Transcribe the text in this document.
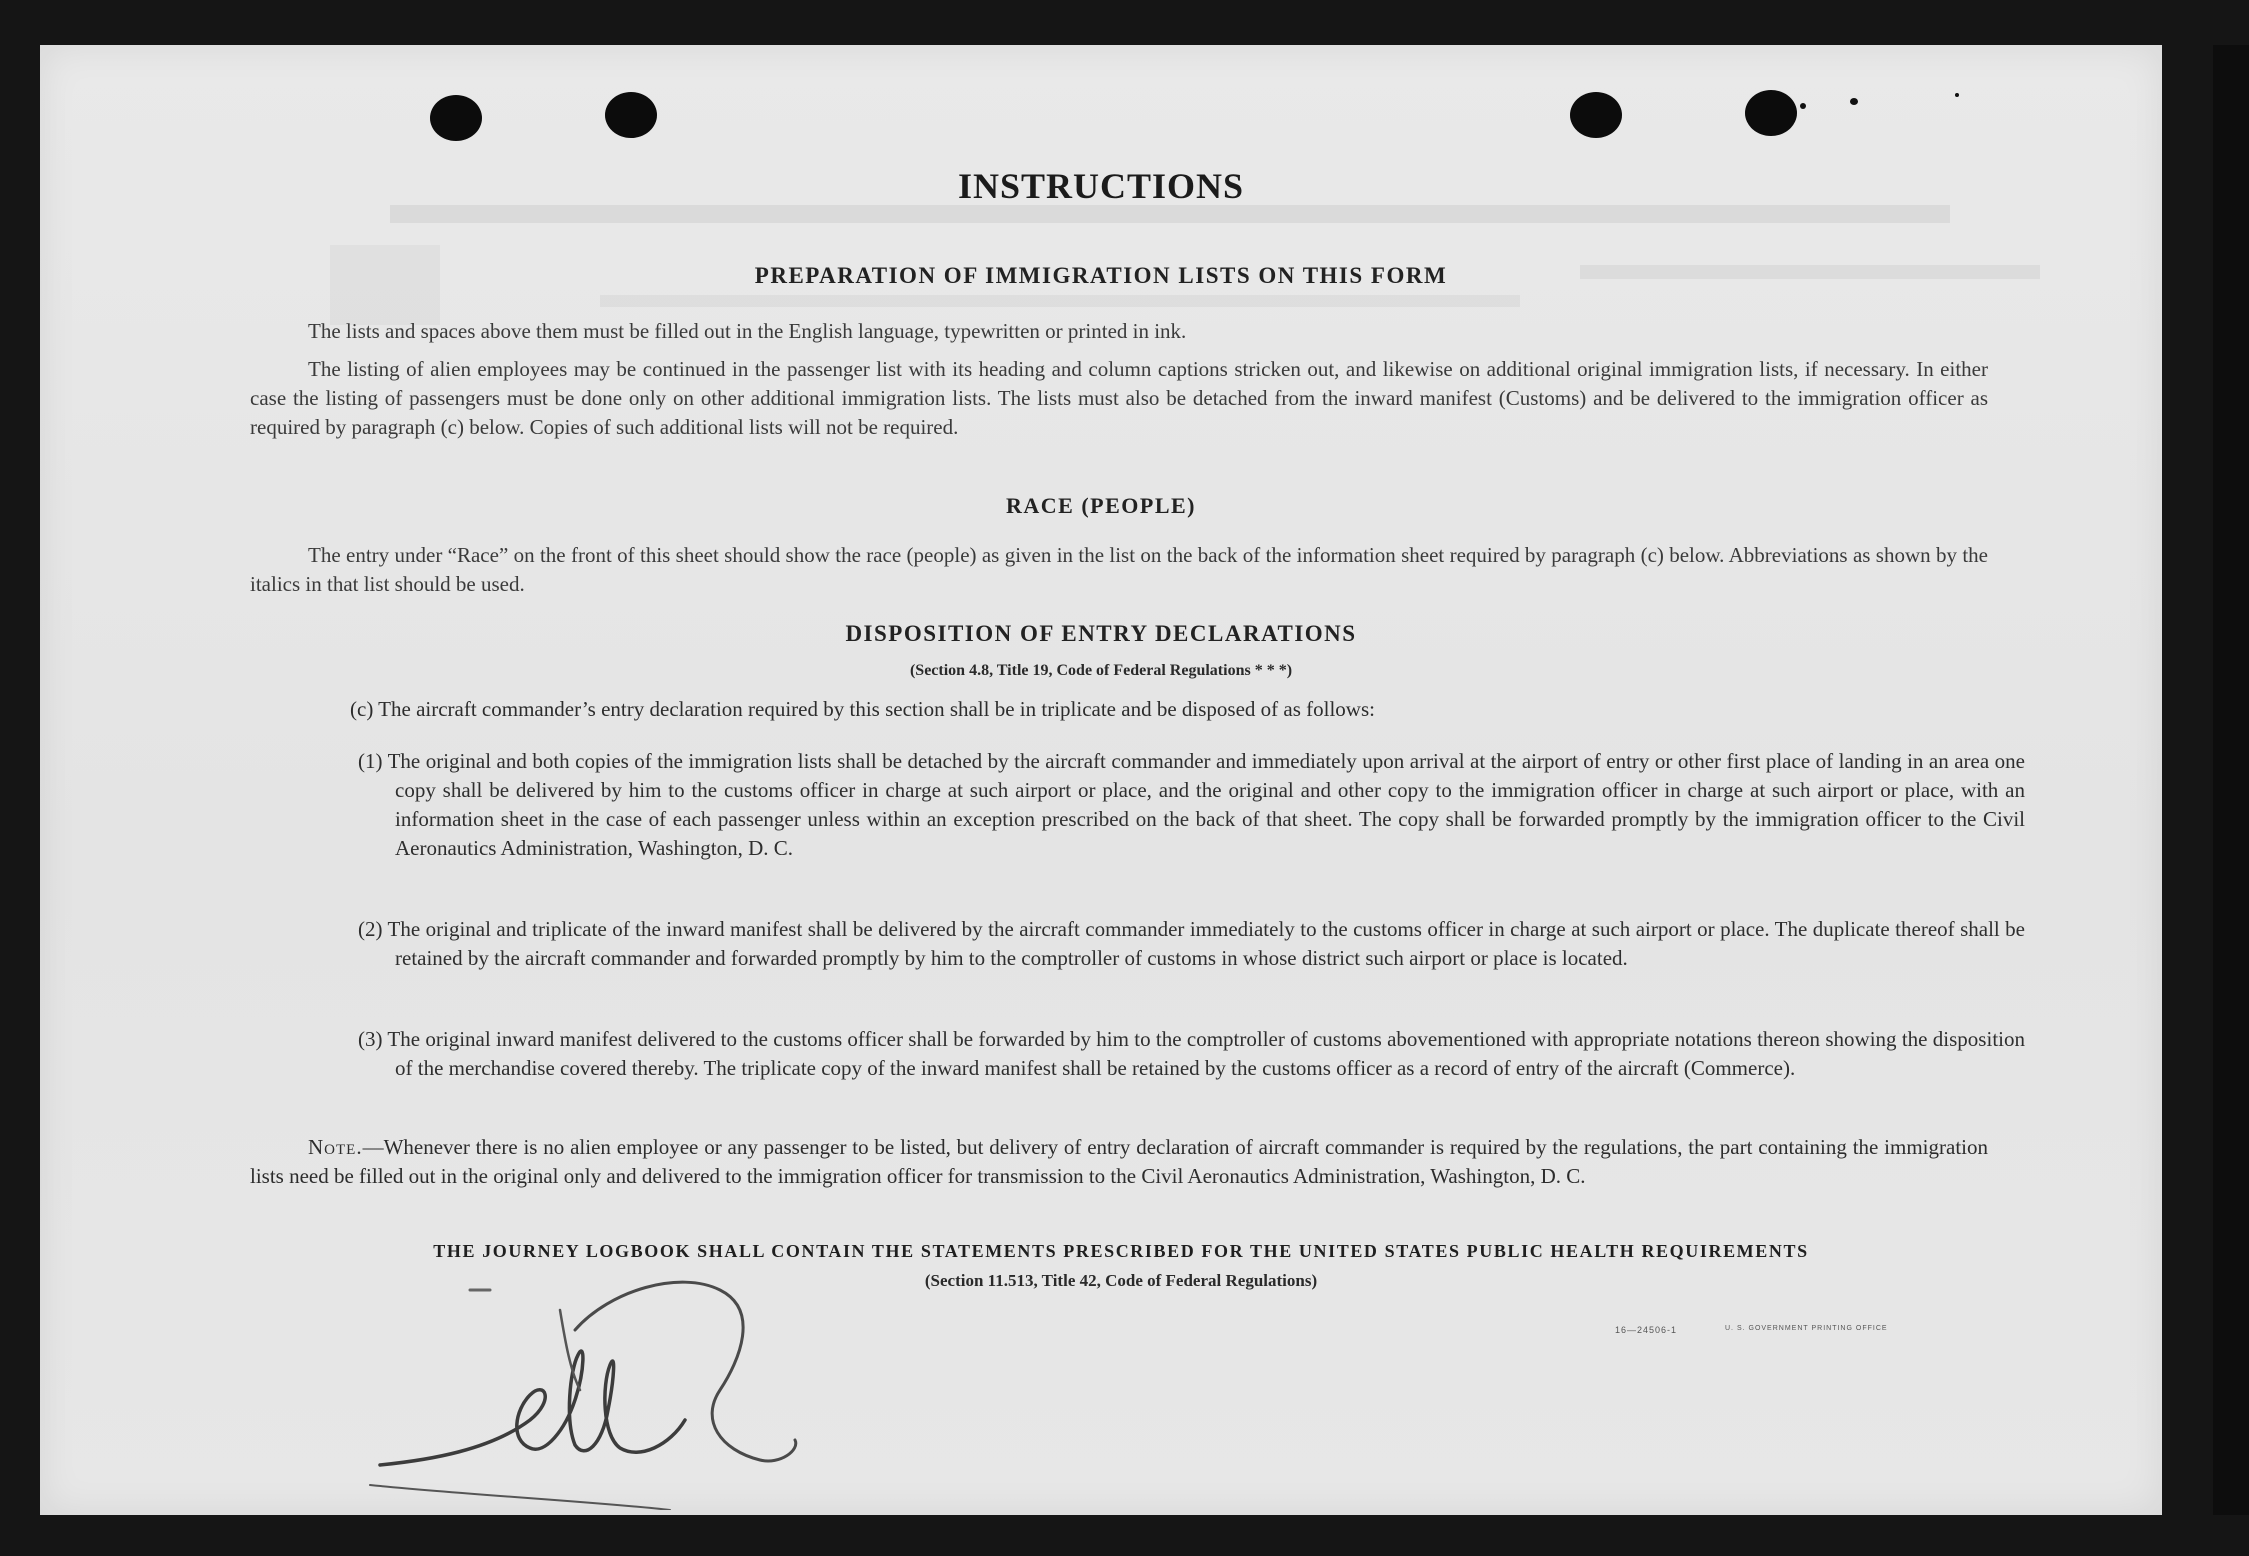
INSTRUCTIONS
PREPARATION OF IMMIGRATION LISTS ON THIS FORM
The lists and spaces above them must be filled out in the English language, typewritten or printed in ink.
The listing of alien employees may be continued in the passenger list with its heading and column captions stricken out, and likewise on additional original immigration lists, if necessary. In either case the listing of passengers must be done only on other additional immigration lists. The lists must also be detached from the inward manifest (Customs) and be delivered to the immigration officer as required by paragraph (c) below. Copies of such additional lists will not be required.
RACE (PEOPLE)
The entry under “Race” on the front of this sheet should show the race (people) as given in the list on the back of the information sheet required by paragraph (c) below. Abbreviations as shown by the italics in that list should be used.
DISPOSITION OF ENTRY DECLARATIONS
(Section 4.8, Title 19, Code of Federal Regulations * * *)
(c) The aircraft commander’s entry declaration required by this section shall be in triplicate and be disposed of as follows:
(1) The original and both copies of the immigration lists shall be detached by the aircraft commander and immediately upon arrival at the airport of entry or other first place of landing in an area one copy shall be delivered by him to the customs officer in charge at such airport or place, and the original and other copy to the immigration officer in charge at such airport or place, with an information sheet in the case of each passenger unless within an exception prescribed on the back of that sheet. The copy shall be forwarded promptly by the immigration officer to the Civil Aeronautics Administration, Washington, D. C.
(2) The original and triplicate of the inward manifest shall be delivered by the aircraft commander immediately to the customs officer in charge at such airport or place. The duplicate thereof shall be retained by the aircraft commander and forwarded promptly by him to the comptroller of customs in whose district such airport or place is located.
(3) The original inward manifest delivered to the customs officer shall be forwarded by him to the comptroller of customs abovementioned with appropriate notations thereon showing the disposition of the merchandise covered thereby. The triplicate copy of the inward manifest shall be retained by the customs officer as a record of entry of the aircraft (Commerce).
Note.—Whenever there is no alien employee or any passenger to be listed, but delivery of entry declaration of aircraft commander is required by the regulations, the part containing the immigration lists need be filled out in the original only and delivered to the immigration officer for transmission to the Civil Aeronautics Administration, Washington, D. C.
THE JOURNEY LOGBOOK SHALL CONTAIN THE STATEMENTS PRESCRIBED FOR THE UNITED STATES PUBLIC HEALTH REQUIREMENTS
(Section 11.513, Title 42, Code of Federal Regulations)
16—24506-1	U. S. GOVERNMENT PRINTING OFFICE
